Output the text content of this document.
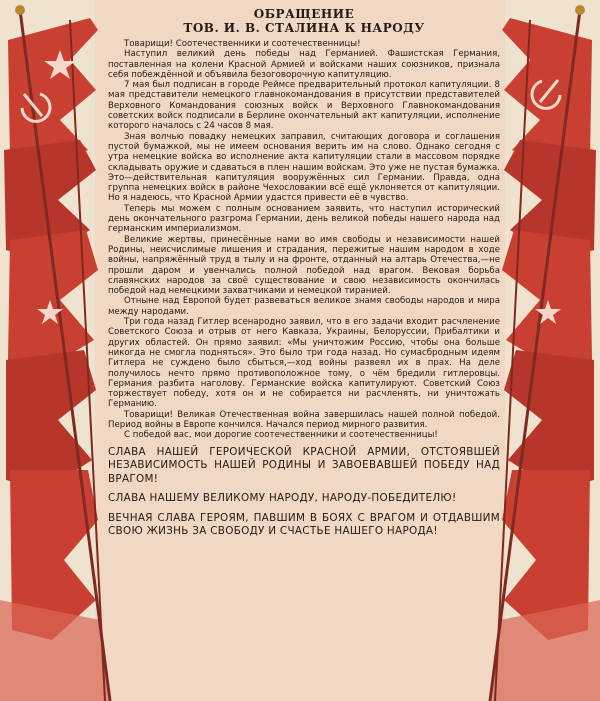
ОБРАЩЕНИЕ
ТОВ. И. В. СТАЛИНА К НАРОДУ

Товарищи! Соотечественники и соотечественницы!

Наступил великий день победы над Германией. Фашистская Германия, поставленная на колени Красной Армией и войсками наших союзников, признала себя побеждённой и объявила безоговорочную капитуляцию.

7 мая был подписан в городе Реймсе предварительный протокол капитуляции. 8 мая представители немецкого главнокомандования в присутствии представителей Верховного Командования союзных войск и Верховного Главнокомандования советских войск подписали в Берлине окончательный акт капитуляции, исполнение которого началось с 24 часов 8 мая.

Зная волчью повадку немецких заправил, считающих договора и соглашения пустой бумажкой, мы не имеем основания верить им на слово. Однако сегодня с утра немецкие войска во исполнение акта капитуляции стали в массовом порядке складывать оружие и сдаваться в плен нашим войскам. Это уже не пустая бумажка. Это—действительная капитуляция вооружённых сил Германии. Правда, одна группа немецких войск в районе Чехословакии всё ещё уклоняется от капитуляции. Но я надеюсь, что Красной Армии удастся привести её в чувство.

Теперь мы можем с полным основанием заявить, что наступил исторический день окончательного разгрома Германии, день великой победы нашего народа над германским империализмом.

Великие жертвы, принесённые нами во имя свободы и независимости нашей Родины, неисчислимые лишения и страдания, пережитые нашим народом в ходе войны, напряжённый труд в тылу и на фронте, отданный на алтарь Отечества,—не прошли даром и увенчались полной победой над врагом. Вековая борьба славянских народов за своё существование и свою независимость окончилась победой над немецкими захватчиками и немецкой тиранией.

Отныне над Европой будет развеваться великое знамя свободы народов и мира между народами.

Три года назад Гитлер всенародно заявил, что в его задачи входит расчленение Советского Союза и отрыв от него Кавказа, Украины, Белоруссии, Прибалтики и других областей. Он прямо заявил: «Мы уничтожим Россию, чтобы она больше никогда не смогла подняться». Это было три года назад. Но сумасбродным идеям Гитлера не суждено было сбыться,—ход войны развеял их в прах. На деле получилось нечто прямо противоположное тому, о чём бредили гитлеровцы. Германия разбита наголову. Германские войска капитулируют. Советский Союз торжествует победу, хотя он и не собирается ни расчленять, ни уничтожать Германию.

Товарищи! Великая Отечественная война завершилась нашей полной победой. Период войны в Европе кончился. Начался период мирного развития.

С победой вас, мои дорогие соотечественники и соотечественницы!

СЛАВА НАШЕЙ ГЕРОИЧЕСКОЙ КРАСНОЙ АРМИИ, ОТСТОЯВШЕЙ НЕЗАВИСИМОСТЬ НАШЕЙ РОДИНЫ И ЗАВОЕВАВШЕЙ ПОБЕДУ НАД ВРАГОМ!

СЛАВА НАШЕМУ ВЕЛИКОМУ НАРОДУ, НАРОДУ-ПОБЕДИТЕЛЮ!

ВЕЧНАЯ СЛАВА ГЕРОЯМ, ПАВШИМ В БОЯХ С ВРАГОМ И ОТДАВШИМ СВОЮ ЖИЗНЬ ЗА СВОБОДУ И СЧАСТЬЕ НАШЕГО НАРОДА!
